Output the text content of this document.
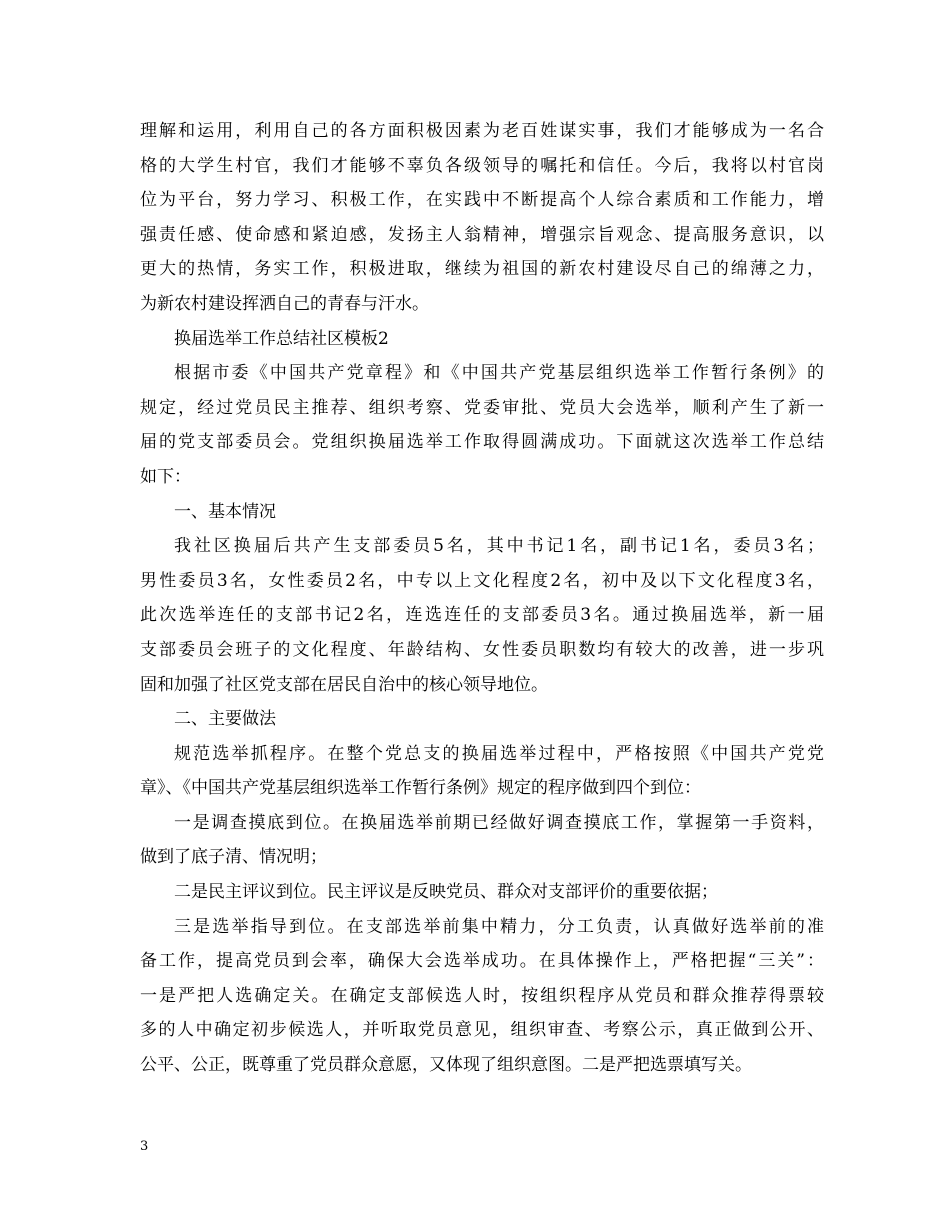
理解和运用，利用自己的各方面积极因素为老百姓谋实事，我们才能够成为一名合
格的大学生村官，我们才能够不辜负各级领导的嘱托和信任。今后，我将以村官岗
位为平台，努力学习、积极工作，在实践中不断提高个人综合素质和工作能力，增
强责任感、使命感和紧迫感，发扬主人翁精神，增强宗旨观念、提高服务意识，以
更大的热情，务实工作，积极进取，继续为祖国的新农村建设尽自己的绵薄之力，
为新农村建设挥洒自己的青春与汗水。
换届选举工作总结社区模板2
根据市委《中国共产党章程》和《中国共产党基层组织选举工作暂行条例》的
规定，经过党员民主推荐、组织考察、党委审批、党员大会选举，顺利产生了新一
届的党支部委员会。党组织换届选举工作取得圆满成功。下面就这次选举工作总结
如下：
一、基本情况
我社区换届后共产生支部委员5名，其中书记1名，副书记1名，委员3名；
男性委员3名，女性委员2名，中专以上文化程度2名，初中及以下文化程度3名，
此次选举连任的支部书记2名，连选连任的支部委员3名。通过换届选举，新一届
支部委员会班子的文化程度、年龄结构、女性委员职数均有较大的改善，进一步巩
固和加强了社区党支部在居民自治中的核心领导地位。
二、主要做法
规范选举抓程序。在整个党总支的换届选举过程中，严格按照《中国共产党党
章》、《中国共产党基层组织选举工作暂行条例》规定的程序做到四个到位：
一是调查摸底到位。在换届选举前期已经做好调查摸底工作，掌握第一手资料，
做到了底子清、情况明；
二是民主评议到位。民主评议是反映党员、群众对支部评价的重要依据；
三是选举指导到位。在支部选举前集中精力，分工负责，认真做好选举前的准
备工作，提高党员到会率，确保大会选举成功。在具体操作上，严格把握“三关”：
一是严把人选确定关。在确定支部候选人时，按组织程序从党员和群众推荐得票较
多的人中确定初步候选人，并听取党员意见，组织审查、考察公示，真正做到公开、
公平、公正，既尊重了党员群众意愿，又体现了组织意图。二是严把选票填写关。
3
